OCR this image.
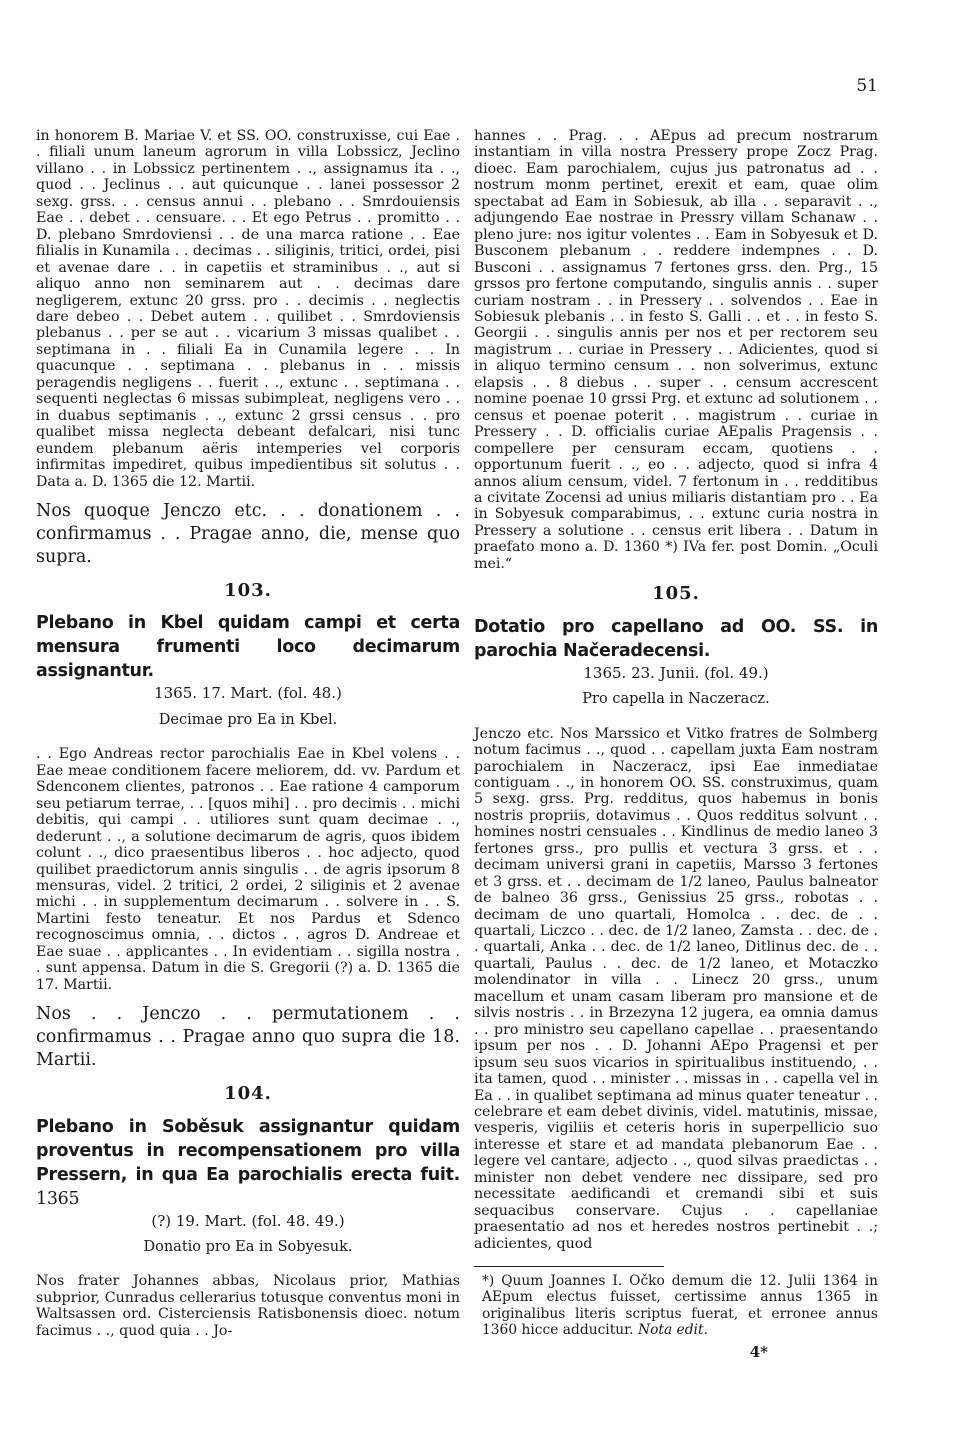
51

in honorem B. Mariae V. et SS. OO. construxisse, cui Eae . . filiali unum laneum agrorum in villa Lobssicz, Jeclino villano . . in Lobssicz pertinentem . ., assignamus ita . ., quod . . Jeclinus . . aut quicunque . . lanei possessor 2 sexg. grss. . . census annui . . plebano . . Smrdouiensis Eae . . debet . . censuare. . . Et ego Petrus . . promitto . . D. plebano Smrdoviensi . . de una marca ratione . . Eae filialis in Kunamila . . decimas . . siliginis, tritici, ordei, pisi et avenae dare . . in capetiis et straminibus . ., aut si aliquo anno non seminarem aut . . decimas dare negligerem, extunc 20 grss. pro . . decimis . . neglectis dare debeo . . Debet autem . . quilibet . . Smrdoviensis plebanus . . per se aut . . vicarium 3 missas qualibet . . septimana in . . filiali Ea in Cunamila legere . . In quacunque . . septimana . . plebanus in . . missis peragendis negligens . . fuerit . ., extunc . . septimana . . sequenti neglectas 6 missas subimpleat, negligens vero . . in duabus septimanis . ., extunc 2 grssi census . . pro qualibet missa neglecta debeant defalcari, nisi tunc eundem plebanum aëris intemperies vel corporis infirmitas impediret, quibus impedientibus sit solutus . . Data a. D. 1365 die 12. Martii.

Nos quoque Jenczo etc. . . donationem . . confirmamus . . Pragae anno, die, mense quo supra.

103.

Plebano in Kbel quidam campi et certa mensura frumenti loco decimarum assignantur.

1365. 17. Mart. (fol. 48.)

Decimae pro Ea in Kbel.

. . Ego Andreas rector parochialis Eae in Kbel volens . . Eae meae conditionem facere meliorem, dd. vv. Pardum et Sdenconem clientes, patronos . . Eae ratione 4 camporum seu petiarum terrae, . . [quos mihi] . . pro decimis . . michi debitis, qui campi . . utiliores sunt quam decimae . ., dederunt . ., a solutione decimarum de agris, quos ibidem colunt . ., dico praesentibus liberos . . hoc adjecto, quod quilibet praedictorum annis singulis . . de agris ipsorum 8 mensuras, videl. 2 tritici, 2 ordei, 2 siliginis et 2 avenae michi . . in supplementum decimarum . . solvere in . . S. Martini festo teneatur. Et nos Pardus et Sdenco recognoscimus omnia, . . dictos . . agros D. Andreae et Eae suae . . applicantes . . In evidentiam . . sigilla nostra . . sunt appensa. Datum in die S. Gregorii (?) a. D. 1365 die 17. Martii.

Nos . . Jenczo . . permutationem . . confirmamus . . Pragae anno quo supra die 18. Martii.

104.

Plebano in Soběsuk assignantur quidam proventus in recompensationem pro villa Pressern, in qua Ea parochialis erecta fuit. 1365

(?) 19. Mart. (fol. 48. 49.)

Donatio pro Ea in Sobyesuk.

Nos frater Johannes abbas, Nicolaus prior, Mathias subprior, Cunradus cellerarius totusque conventus moni in Waltsassen ord. Cisterciensis Ratisbonensis dioec. notum facimus . ., quod quia . . Jo-

hannes . . Prag. . . AEpus ad precum nostrarum instantiam in villa nostra Pressery prope Zocz Prag. dioec. Eam parochialem, cujus jus patronatus ad . . nostrum monm pertinet, erexit et eam, quae olim spectabat ad Eam in Sobiesuk, ab illa . . separavit . ., adjungendo Eae nostrae in Pressry villam Schanaw . . pleno jure: nos igitur volentes . . Eam in Sobyesuk et D. Busconem plebanum . . reddere indempnes . . D. Busconi . . assignamus 7 fertones grss. den. Prg., 15 grssos pro fertone computando, singulis annis . . super curiam nostram . . in Pressery . . solvendos . . Eae in Sobiesuk plebanis . . in festo S. Galli . . et . . in festo S. Georgii . . singulis annis per nos et per rectorem seu magistrum . . curiae in Pressery . . Adicientes, quod si in aliquo termino censum . . non solverimus, extunc elapsis . . 8 diebus . . super . . censum accrescent nomine poenae 10 grssi Prg. et extunc ad solutionem . . census et poenae poterit . . magistrum . . curiae in Pressery . . D. officialis curiae AEpalis Pragensis . . compellere per censuram eccam, quotiens . . opportunum fuerit . ., eo . . adjecto, quod si infra 4 annos alium censum, videl. 7 fertonum in . . redditibus a civitate Zocensi ad unius miliaris distantiam pro . . Ea in Sobyesuk comparabimus, . . extunc curia nostra in Pressery a solutione . . census erit libera . . Datum in praefato mono a. D. 1360 *) IVa fer. post Domin. „Oculi mei.“

105.

Dotatio pro capellano ad OO. SS. in parochia Načeradecensi.

1365. 23. Junii. (fol. 49.)

Pro capella in Naczeracz.

Jenczo etc. Nos Marssico et Vitko fratres de Solmberg notum facimus . ., quod . . capellam juxta Eam nostram parochialem in Naczeracz, ipsi Eae inmediatae contiguam . ., in honorem OO. SS. construximus, quam 5 sexg. grss. Prg. redditus, quos habemus in bonis nostris propriis, dotavimus . . Quos redditus solvunt . . homines nostri censuales . . Kindlinus de medio laneo 3 fertones grss., pro pullis et vectura 3 grss. et . . decimam universi grani in capetiis, Marsso 3 fertones et 3 grss. et . . decimam de 1/2 laneo, Paulus balneator de balneo 36 grss., Genissius 25 grss., robotas . . decimam de uno quartali, Homolca . . dec. de . . quartali, Liczco . . dec. de 1/2 laneo, Zamsta . . dec. de . . quartali, Anka . . dec. de 1/2 laneo, Ditlinus dec. de . . quartali, Paulus . . dec. de 1/2 laneo, et Motaczko molendinator in villa . . Linecz 20 grss., unum macellum et unam casam liberam pro mansione et de silvis nostris . . in Brzezyna 12 jugera, ea omnia damus . . pro ministro seu capellano capellae . . praesentando ipsum per nos . . D. Johanni AEpo Pragensi et per ipsum seu suos vicarios in spiritualibus instituendo, . . ita tamen, quod . . minister . . missas in . . capella vel in Ea . . in qualibet septimana ad minus quater teneatur . . celebrare et eam debet divinis, videl. matutinis, missae, vesperis, vigiliis et ceteris horis in superpellicio suo interesse et stare et ad mandata plebanorum Eae . . legere vel cantare, adjecto . ., quod silvas praedictas . . minister non debet vendere nec dissipare, sed pro necessitate aedificandi et cremandi sibi et suis sequacibus conservare. Cujus . . capellaniae praesentatio ad nos et heredes nostros pertinebit . .; adicientes, quod

*) Quum Joannes I. Očko demum die 12. Julii 1364 in AEpum electus fuisset, certissime annus 1365 in originalibus literis scriptus fuerat, et erronee annus 1360 hicce adducitur. Nota edit.

4*
